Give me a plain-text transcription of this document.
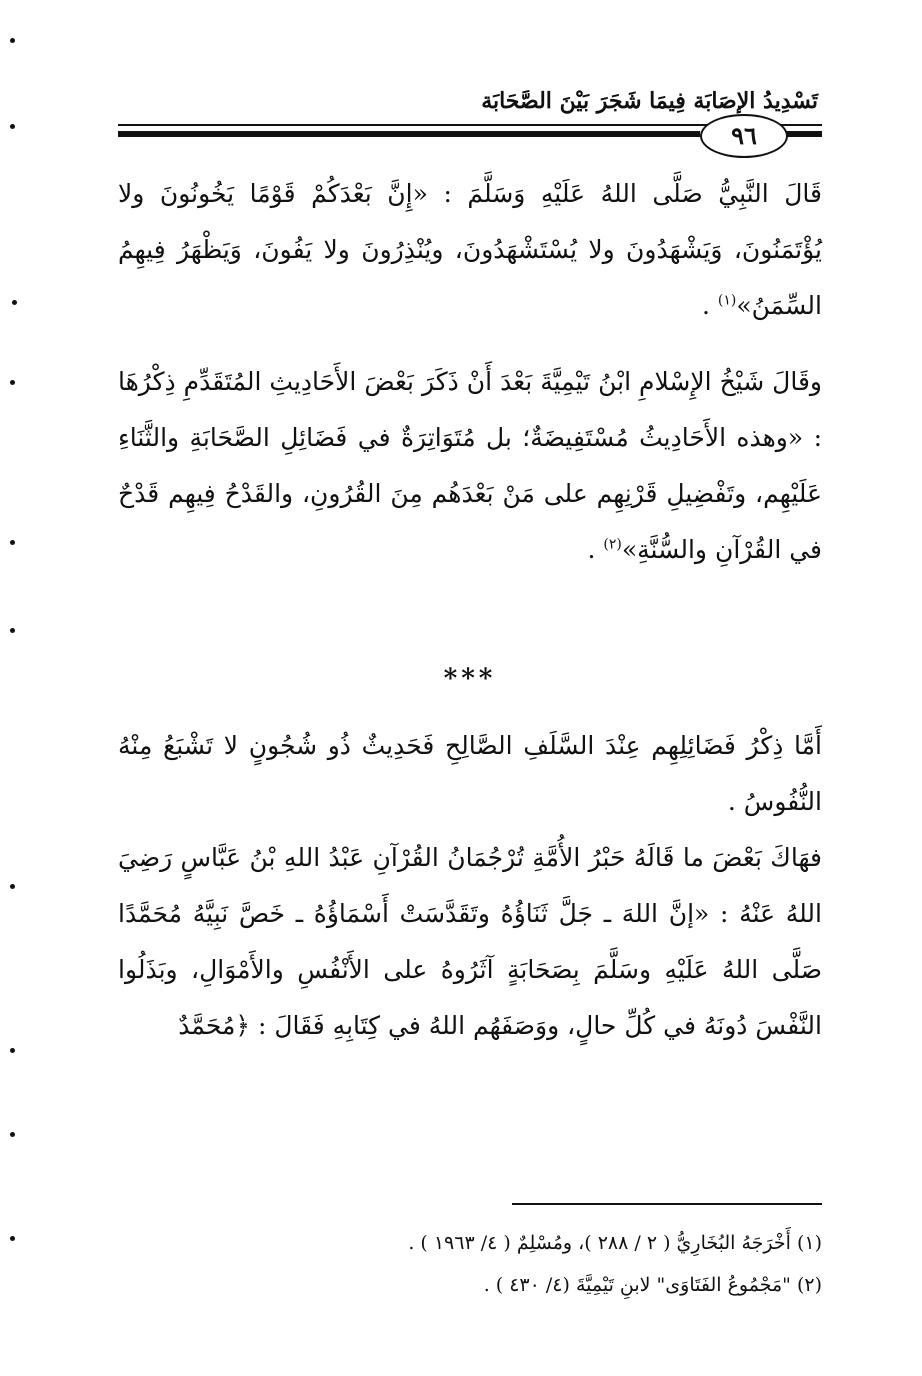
تَسْدِيدُ الإصَابَة فِيمَا شَجَرَ بَيْنَ الصَّحَابَة
٩٦

قَالَ النَّبِيُّ صَلَّى اللهُ عَلَيْهِ وَسَلَّمَ : «إِنَّ بَعْدَكُمْ قَوْمًا يَخُونُونَ ولا يُؤْتَمَنُونَ، وَيَشْهَدُونَ ولا يُسْتَشْهَدُونَ، ويُنْذِرُونَ ولا يَفُونَ، وَيَظْهَرُ فِيهِمُ السِّمَنُ»$^{(١)}$ .

وقَالَ شَيْخُ الإِسْلامِ ابْنُ تَيْمِيَّةَ بَعْدَ أَنْ ذَكَرَ بَعْضَ الأَحَادِيثِ المُتَقَدِّمِ ذِكْرُهَا : «وهذه الأَحَادِيثُ مُسْتَفِيضَةٌ؛ بل مُتَوَاتِرَةٌ في فَضَائِلِ الصَّحَابَةِ والثَّنَاءِ عَلَيْهِم، وتَفْضِيلِ قَرْنِهِم على مَنْ بَعْدَهُم مِنَ القُرُونِ، والقَدْحُ فِيهِم قَدْحٌ في القُرْآنِ والسُّنَّةِ»$^{(٢)}$ .

***

أَمَّا ذِكْرُ فَضَائِلِهِم عِنْدَ السَّلَفِ الصَّالِحِ فَحَدِيثٌ ذُو شُجُونٍ لا تَشْبَعُ مِنْهُ النُّفُوسُ .

فهَاكَ بَعْضَ ما قَالَهُ حَبْرُ الأُمَّةِ تُرْجُمَانُ القُرْآنِ عَبْدُ اللهِ بْنُ عَبَّاسٍ رَضِيَ اللهُ عَنْهُ : «إنَّ اللهَ ـ جَلَّ ثَنَاؤُهُ وتَقَدَّسَتْ أَسْمَاؤُهُ ـ خَصَّ نَبِيَّهُ مُحَمَّدًا صَلَّى اللهُ عَلَيْهِ وسَلَّمَ بِصَحَابَةٍ آثَرُوهُ على الأَنْفُسِ والأَمْوَالِ، وبَذَلُوا النَّفْسَ دُونَهُ في كُلِّ حالٍ، ووَصَفَهُم اللهُ في كِتَابِهِ فَقَالَ : ﴿مُحَمَّدٌ

(١) أَخْرَجَهُ البُخَارِيُّ ( ٢ / ٢٨٨ )، ومُسْلِمٌ ( ٤/ ١٩٦٣ ) .

(٢) "مَجْمُوعُ الفَتَاوَى" لابنِ تَيْمِيَّةَ (٤/ ٤٣٠ ) .
